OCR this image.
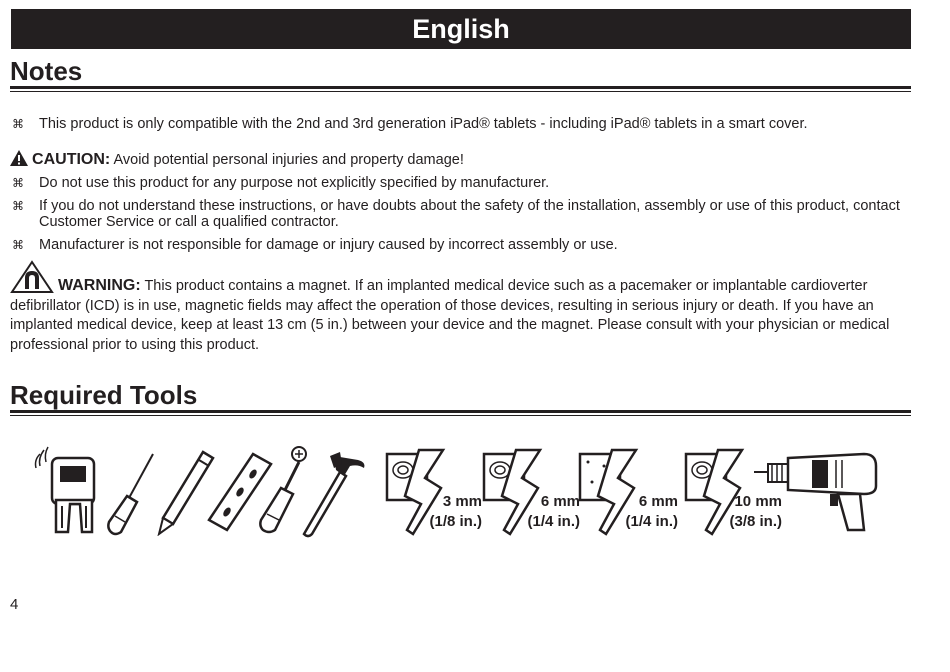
English
Notes
⌘ This product is only compatible with the 2nd and 3rd generation iPad® tablets - including iPad® tablets in a smart cover.
CAUTION: Avoid potential personal injuries and property damage!
⌘ Do not use this product for any purpose not explicitly specified by manufacturer.
⌘ If you do not understand these instructions, or have doubts about the safety of the installation, assembly or use of this product, contact Customer Service or call a qualified contractor.
⌘ Manufacturer is not responsible for damage or injury caused by incorrect assembly or use.
WARNING: This product contains a magnet. If an implanted medical device such as a pacemaker or implantable cardioverter defibrillator (ICD) is in use, magnetic fields may affect the operation of those devices, resulting in serious injury or death. If you have an implanted medical device, keep at least 13 cm (5 in.) between your device and the magnet. Please consult with your physician or medical professional prior to using this product.
Required Tools
3 mm
(1/8 in.)
6 mm
(1/4 in.)
6 mm
(1/4 in.)
10 mm
(3/8 in.)
4
